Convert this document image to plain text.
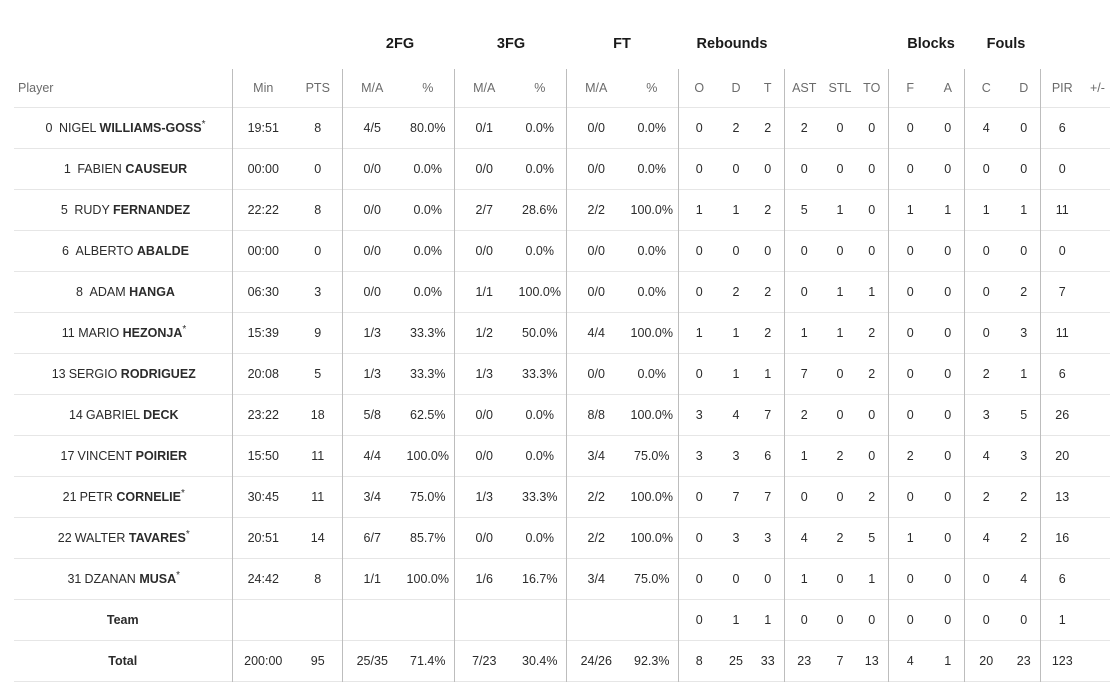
2FG	3FG	FT	Rebounds	Blocks Fouls
Player	Min	PTS	M/A	%	M/A	%	M/A	%	O	D	T	AST	STL	TO	F	A	C	D	PIR	+/-
0 NIGEL WILLIAMS-GOSS*	19:51	8	4/5	80.0%	0/1	0.0%	0/0	0.0%	0	2	2	2	0	0	0	0	4	0	6	
1 FABIEN CAUSEUR	00:00	0	0/0	0.0%	0/0	0.0%	0/0	0.0%	0	0	0	0	0	0	0	0	0	0	0	
5 RUDY FERNANDEZ	22:22	8	0/0	0.0%	2/7	28.6%	2/2	100.0%	1	1	2	5	1	0	1	1	1	1	11	
6 ALBERTO ABALDE	00:00	0	0/0	0.0%	0/0	0.0%	0/0	0.0%	0	0	0	0	0	0	0	0	0	0	0	
8 ADAM HANGA	06:30	3	0/0	0.0%	1/1	100.0%	0/0	0.0%	0	2	2	0	1	1	0	0	0	2	7	
11 MARIO HEZONJA*	15:39	9	1/3	33.3%	1/2	50.0%	4/4	100.0%	1	1	2	1	1	2	0	0	0	3	11	
13 SERGIO RODRIGUEZ	20:08	5	1/3	33.3%	1/3	33.3%	0/0	0.0%	0	1	1	7	0	2	0	0	2	1	6	
14 GABRIEL DECK	23:22	18	5/8	62.5%	0/0	0.0%	8/8	100.0%	3	4	7	2	0	0	0	0	3	5	26	
17 VINCENT POIRIER	15:50	11	4/4	100.0%	0/0	0.0%	3/4	75.0%	3	3	6	1	2	0	2	0	4	3	20	
21 PETR CORNELIE*	30:45	11	3/4	75.0%	1/3	33.3%	2/2	100.0%	0	7	7	0	0	2	0	0	2	2	13	
22 WALTER TAVARES*	20:51	14	6/7	85.7%	0/0	0.0%	2/2	100.0%	0	3	3	4	2	5	1	0	4	2	16	
31 DZANAN MUSA*	24:42	8	1/1	100.0%	1/6	16.7%	3/4	75.0%	0	0	0	1	0	1	0	0	0	4	6	
Team									0	1	1	0	0	0	0	0	0	0	1	
Total	200:00	95	25/35	71.4%	7/23	30.4%	24/26	92.3%	8	25	33	23	7	13	4	1	20	23	123	
